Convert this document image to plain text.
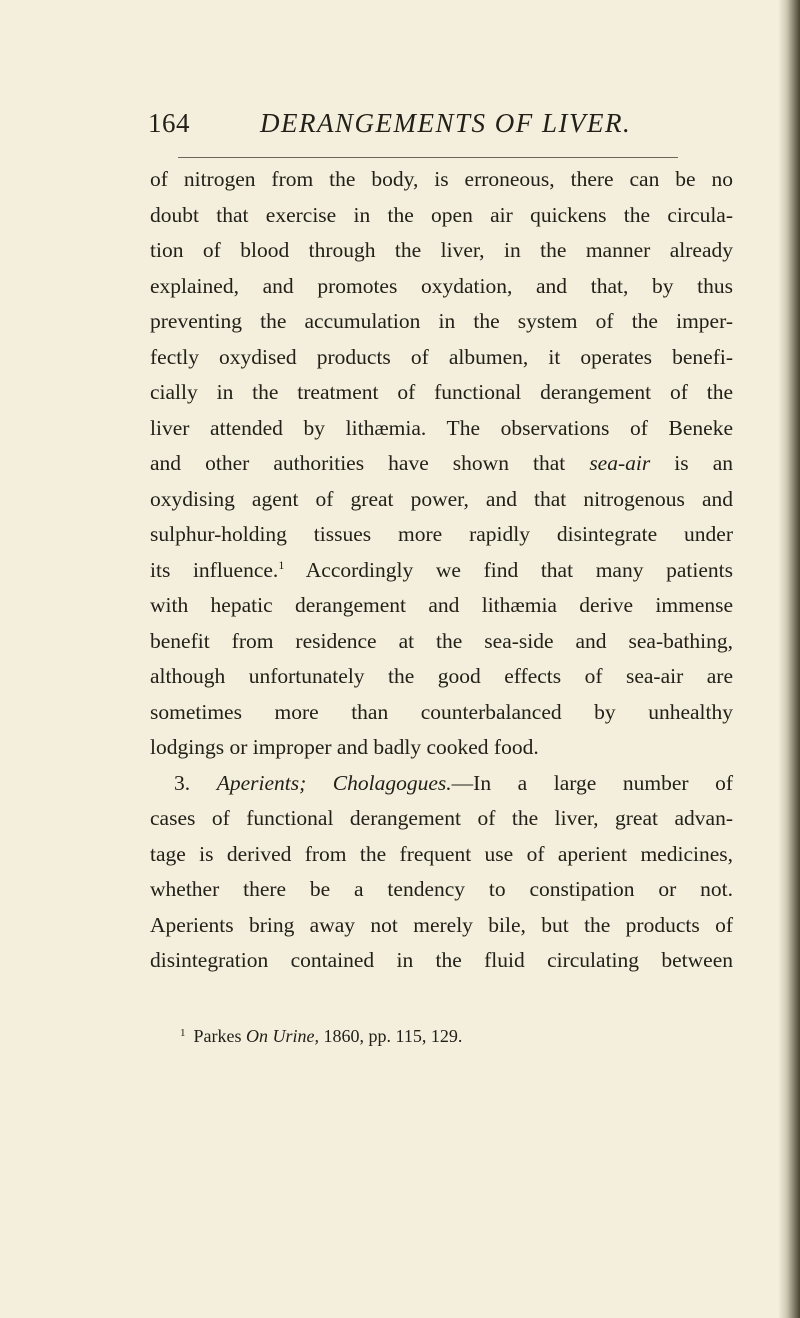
164	DERANGEMENTS OF LIVER.
of nitrogen from the body, is erroneous, there can be no
doubt that exercise in the open air quickens the circula-
tion of blood through the liver, in the manner already
explained, and promotes oxydation, and that, by thus
preventing the accumulation in the system of the imper-
fectly oxydised products of albumen, it operates benefi-
cially in the treatment of functional derangement of the
liver attended by lithæmia. The observations of Beneke
and other authorities have shown that sea-air is an
oxydising agent of great power, and that nitrogenous and
sulphur-holding tissues more rapidly disintegrate under
its influence.$^1$ Accordingly we find that many patients
with hepatic derangement and lithæmia derive immense
benefit from residence at the sea-side and sea-bathing,
although unfortunately the good effects of sea-air are
sometimes more than counterbalanced by unhealthy
lodgings or improper and badly cooked food.
3. Aperients; Cholagogues.—In a large number of
cases of functional derangement of the liver, great advan-
tage is derived from the frequent use of aperient medicines,
whether there be a tendency to constipation or not.
Aperients bring away not merely bile, but the products of
disintegration contained in the fluid circulating between
$^1$ Parkes On Urine, 1860, pp. 115, 129.
